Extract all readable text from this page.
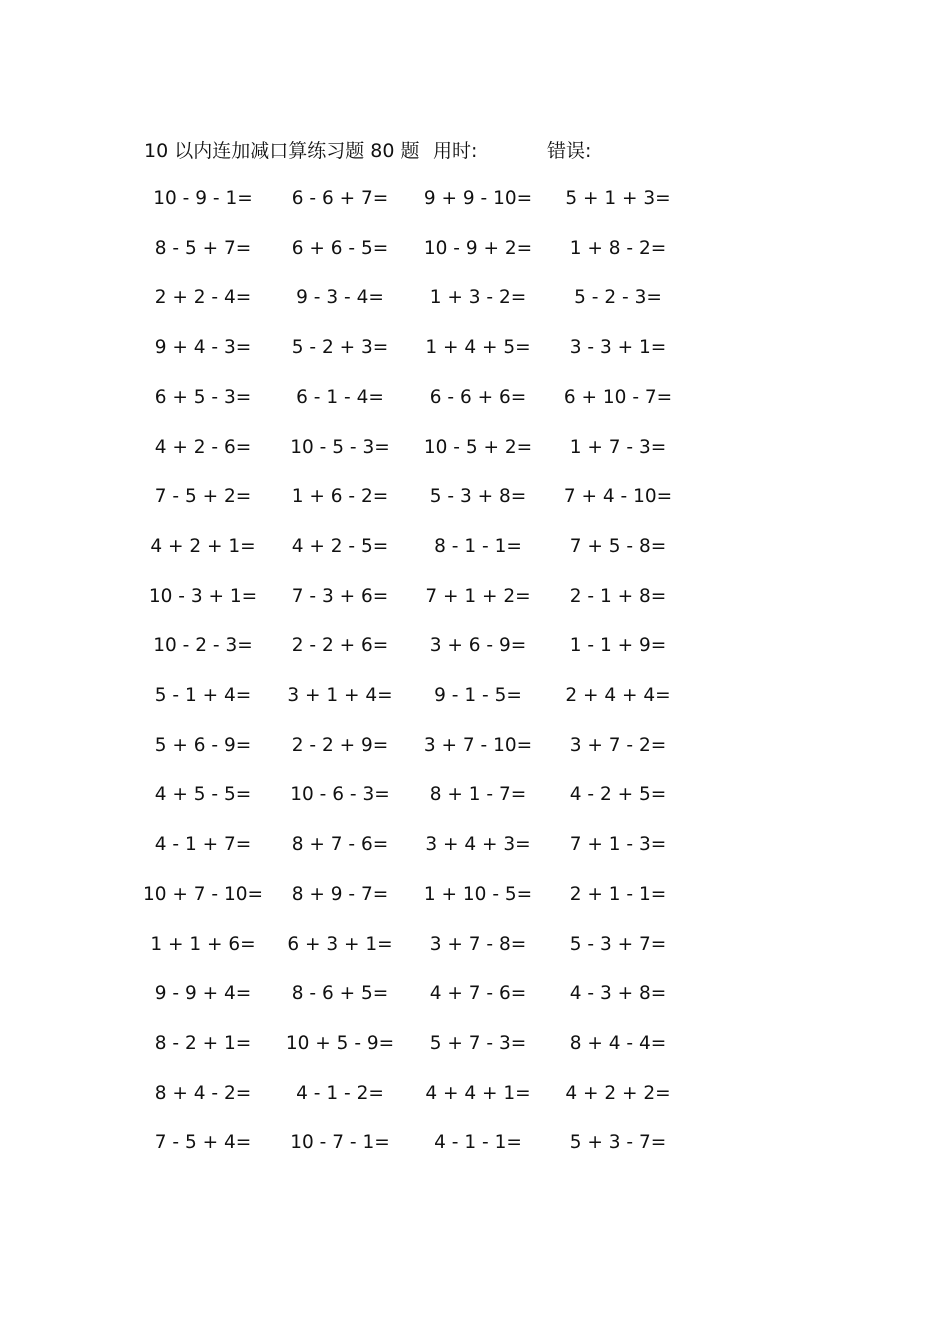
10 以内连加减口算练习题 80 题 用时:	错误:
10 - 9 - 1= 6 - 6 + 7= 9 + 9 - 10= 5 + 1 + 3=
8 - 5 + 7= 6 + 6 - 5= 10 - 9 + 2= 1 + 8 - 2=
2 + 2 - 4= 9 - 3 - 4= 1 + 3 - 2=	5 - 2 - 3=
9 + 4 - 3= 5 - 2 + 3= 1 + 4 + 5= 3 - 3 + 1=
6 + 5 - 3= 6 - 1 - 4= 6 - 6 + 6= 6 + 10 - 7=
4 + 2 - 6= 10 - 5 - 3= 10 - 5 + 2= 1 + 7 - 3=
7 - 5 + 2= 1 + 6 - 2= 5 - 3 + 8= 7 + 4 - 10=
4 + 2 + 1= 4 + 2 - 5= 8 - 1 - 1=	7 + 5 - 8=
10 - 3 + 1= 7 - 3 + 6= 7 + 1 + 2= 2 - 1 + 8=
10 - 2 - 3= 2 - 2 + 6= 3 + 6 - 9= 1 - 1 + 9=
5 - 1 + 4= 3 + 1 + 4= 9 - 1 - 5= 2 + 4 + 4=
5 + 6 - 9= 2 - 2 + 9= 3 + 7 - 10= 3 + 7 - 2=
4 + 5 - 5= 10 - 6 - 3= 8 + 1 - 7= 4 - 2 + 5=
4 - 1 + 7= 8 + 7 - 6= 3 + 4 + 3= 7 + 1 - 3=
10 + 7 - 10= 8 + 9 - 7= 1 + 10 - 5= 2 + 1 - 1=
1 + 1 + 6= 6 + 3 + 1= 3 + 7 - 8= 5 - 3 + 7=
9 - 9 + 4= 8 - 6 + 5= 4 + 7 - 6= 4 - 3 + 8=
8 - 2 + 1= 10 + 5 - 9= 5 + 7 - 3= 8 + 4 - 4=
8 + 4 - 2= 4 - 1 - 2= 4 + 4 + 1= 4 + 2 + 2=
7 - 5 + 4= 10 - 7 - 1= 4 - 1 - 1=	5 + 3 - 7=
